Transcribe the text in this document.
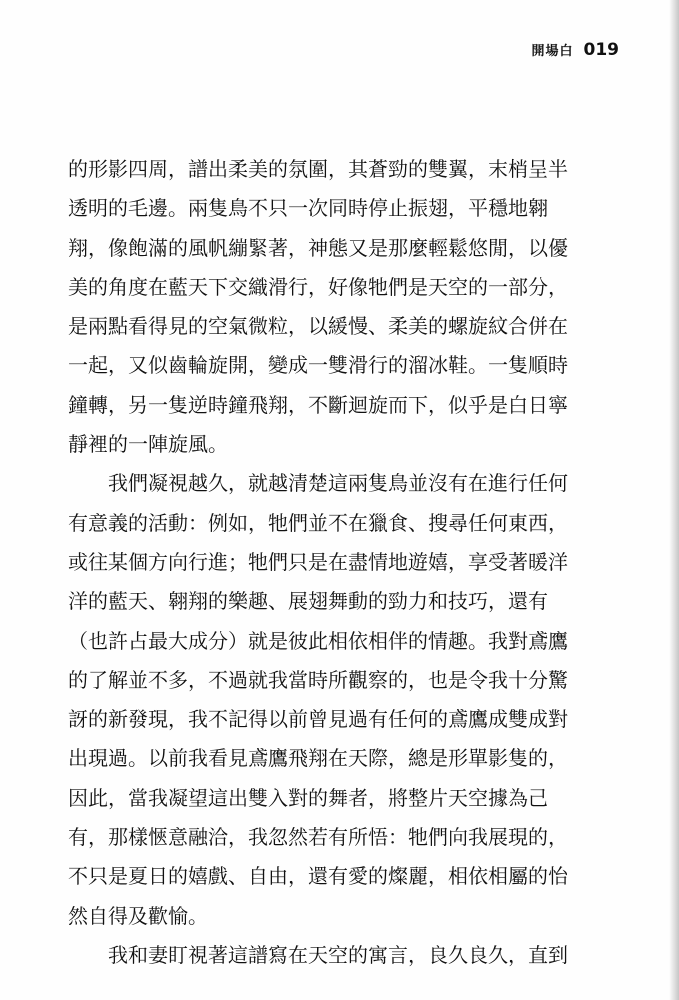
開場白 019
的形影四周，譜出柔美的氛圍，其蒼勁的雙翼，末梢呈半
透明的毛邊。兩隻鳥不只一次同時停止振翅，平穩地翱
翔，像飽滿的風帆繃緊著，神態又是那麼輕鬆悠閒，以優
美的角度在藍天下交織滑行，好像牠們是天空的一部分，
是兩點看得見的空氣微粒，以緩慢、柔美的螺旋紋合併在
一起，又似齒輪旋開，變成一雙滑行的溜冰鞋。一隻順時
鐘轉，另一隻逆時鐘飛翔，不斷迴旋而下，似乎是白日寧
靜裡的一陣旋風。
我們凝視越久，就越清楚這兩隻鳥並沒有在進行任何
有意義的活動：例如，牠們並不在獵食、搜尋任何東西，
或往某個方向行進；牠們只是在盡情地遊嬉，享受著暖洋
洋的藍天、翱翔的樂趣、展翅舞動的勁力和技巧，還有
（也許占最大成分）就是彼此相依相伴的情趣。我對鳶鷹
的了解並不多，不過就我當時所觀察的，也是令我十分驚
訝的新發現，我不記得以前曾見過有任何的鳶鷹成雙成對
出現過。以前我看見鳶鷹飛翔在天際，總是形單影隻的，
因此，當我凝望這出雙入對的舞者，將整片天空據為己
有，那樣愜意融洽，我忽然若有所悟：牠們向我展現的，
不只是夏日的嬉戲、自由，還有愛的燦麗，相依相屬的怡
然自得及歡愉。
我和妻盯視著這譜寫在天空的寓言，良久良久，直到
